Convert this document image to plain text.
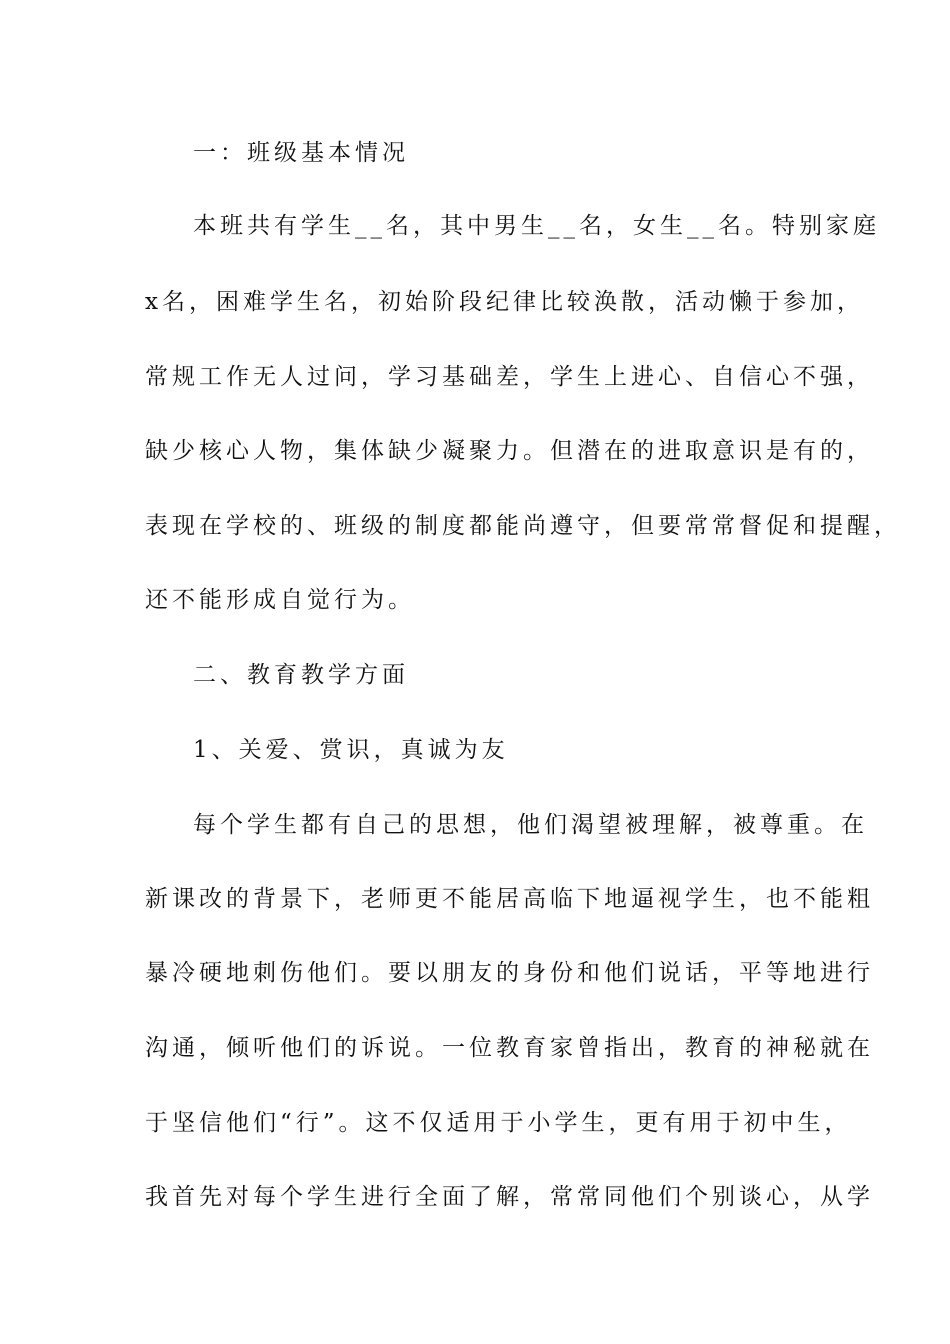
一：班级基本情况
本班共有学生__名，其中男生__名，女生__名。特别家庭
x名，困难学生名，初始阶段纪律比较涣散，活动懒于参加，
常规工作无人过问，学习基础差，学生上进心、自信心不强，
缺少核心人物，集体缺少凝聚力。但潜在的进取意识是有的，
表现在学校的、班级的制度都能尚遵守，但要常常督促和提醒，
还不能形成自觉行为。
二、教育教学方面
1、关爱、赏识，真诚为友
每个学生都有自己的思想，他们渴望被理解，被尊重。在
新课改的背景下，老师更不能居高临下地逼视学生，也不能粗
暴冷硬地刺伤他们。要以朋友的身份和他们说话，平等地进行
沟通，倾听他们的诉说。一位教育家曾指出，教育的神秘就在
于坚信他们“行”。这不仅适用于小学生，更有用于初中生，
我首先对每个学生进行全面了解，常常同他们个别谈心，从学
